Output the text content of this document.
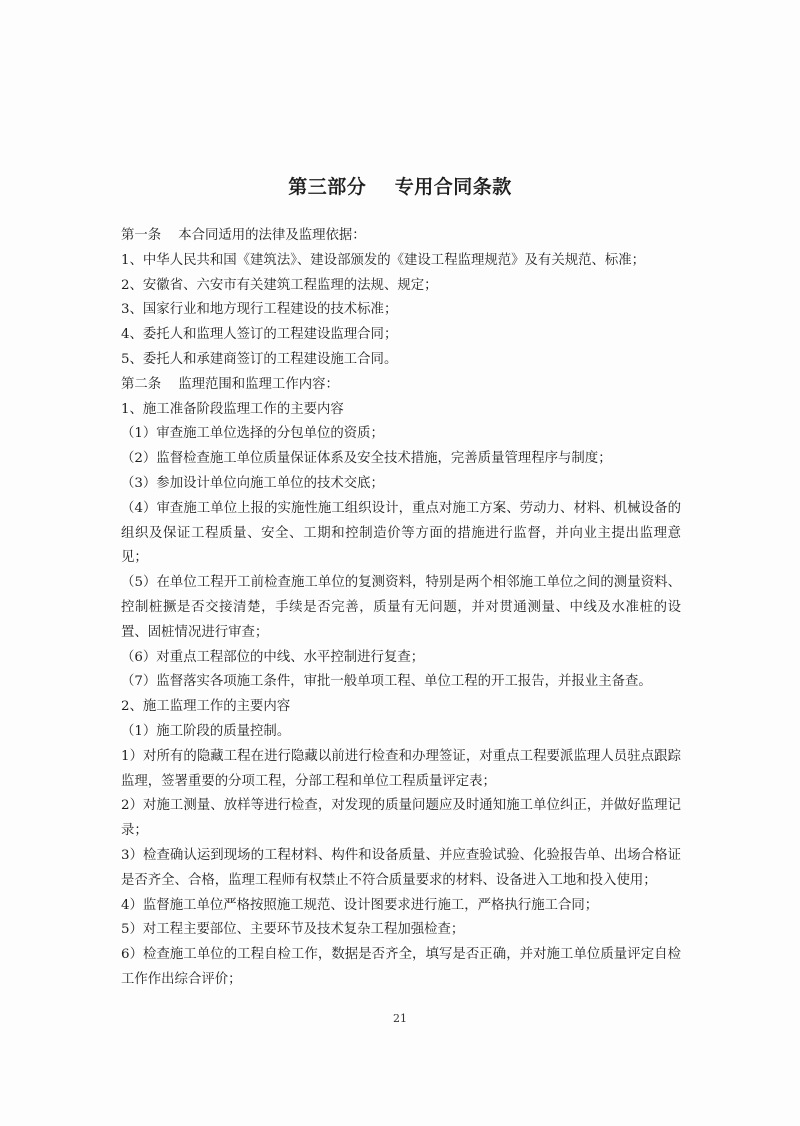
第三部分    专用合同条款

第一条    本合同适用的法律及监理依据：

1、中华人民共和国《建筑法》、建设部颁发的《建设工程监理规范》及有关规范、标准；

2、安徽省、六安市有关建筑工程监理的法规、规定；

3、国家行业和地方现行工程建设的技术标准；

4、委托人和监理人签订的工程建设监理合同；

5、委托人和承建商签订的工程建设施工合同。

第二条    监理范围和监理工作内容：

1、施工准备阶段监理工作的主要内容

（1）审查施工单位选择的分包单位的资质；

（2）监督检查施工单位质量保证体系及安全技术措施，完善质量管理程序与制度；

（3）参加设计单位向施工单位的技术交底；

（4）审查施工单位上报的实施性施工组织设计，重点对施工方案、劳动力、材料、机械设备的组织及保证工程质量、安全、工期和控制造价等方面的措施进行监督，并向业主提出监理意见；

（5）在单位工程开工前检查施工单位的复测资料，特别是两个相邻施工单位之间的测量资料、控制桩撅是否交接清楚，手续是否完善，质量有无问题，并对贯通测量、中线及水准桩的设置、固桩情况进行审查；

（6）对重点工程部位的中线、水平控制进行复查；

（7）监督落实各项施工条件，审批一般单项工程、单位工程的开工报告，并报业主备查。

2、施工监理工作的主要内容

（1）施工阶段的质量控制。

1）对所有的隐藏工程在进行隐藏以前进行检查和办理签证，对重点工程要派监理人员驻点跟踪监理，签署重要的分项工程，分部工程和单位工程质量评定表；

2）对施工测量、放样等进行检查，对发现的质量问题应及时通知施工单位纠正，并做好监理记录；

3）检查确认运到现场的工程材料、构件和设备质量、并应查验试验、化验报告单、出场合格证是否齐全、合格，监理工程师有权禁止不符合质量要求的材料、设备进入工地和投入使用；

4）监督施工单位严格按照施工规范、设计图要求进行施工，严格执行施工合同；

5）对工程主要部位、主要环节及技术复杂工程加强检查；

6）检查施工单位的工程自检工作，数据是否齐全，填写是否正确，并对施工单位质量评定自检工作作出综合评价；

21
